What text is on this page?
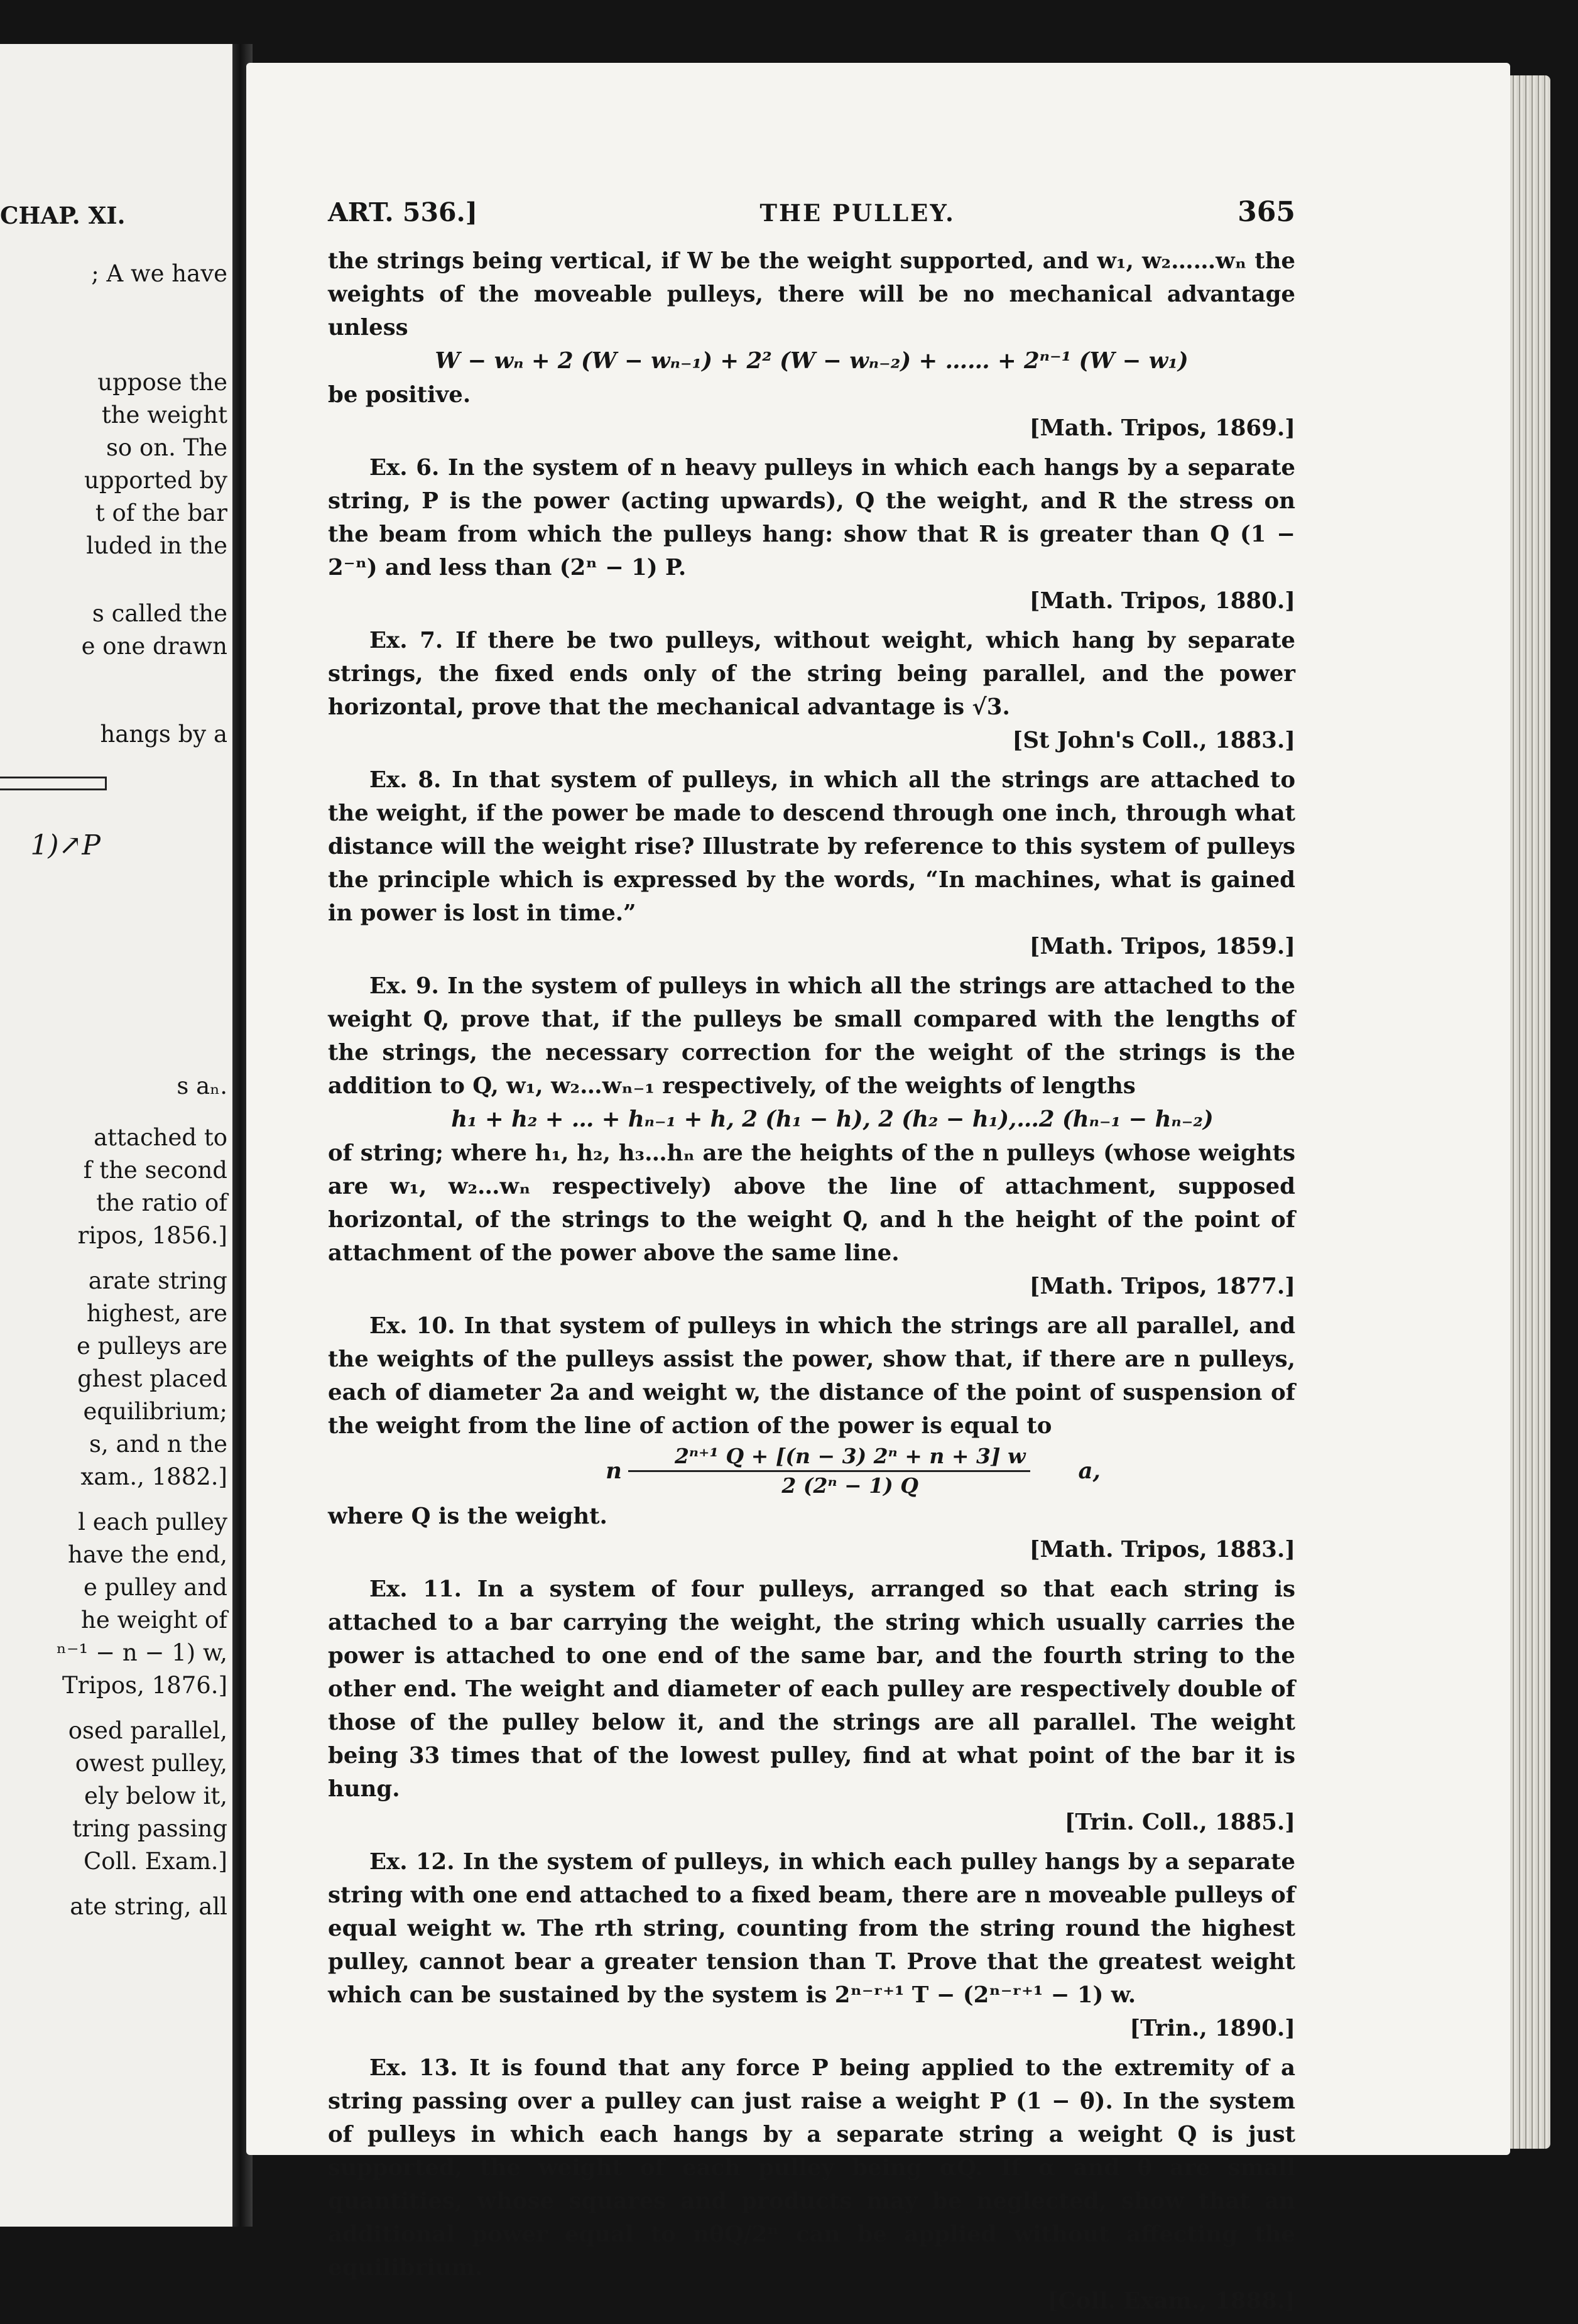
CHAP. XI.
; A we have
uppose the
the weight
so on. The
upported by
t of the bar
luded in the
s called the
e one drawn
hangs by a
1)↗P
s aₙ.
attached to
f the second
the ratio of
ripos, 1856.]
arate string
highest, are
e pulleys are
ghest placed
equilibrium;
s, and n the
xam., 1882.]
l each pulley
have the end,
e pulley and
he weight of
ⁿ⁻¹ − n − 1) w,
Tripos, 1876.]
osed parallel,
owest pulley,
ely below it,
tring passing
Coll. Exam.]
ate string, all
ART. 536.]	THE PULLEY.	365

the strings being vertical, if W be the weight supported, and w₁, w₂……wₙ the weights of the moveable pulleys, there will be no mechanical advantage unless
W − wₙ + 2 (W − wₙ₋₁) + 2² (W − wₙ₋₂) + …… + 2ⁿ⁻¹ (W − w₁)
be positive.
[Math. Tripos, 1869.]

Ex. 6. In the system of n heavy pulleys in which each hangs by a separate string, P is the power (acting upwards), Q the weight, and R the stress on the beam from which the pulleys hang: show that R is greater than Q (1 − 2⁻ⁿ) and less than (2ⁿ − 1) P.
[Math. Tripos, 1880.]

Ex. 7. If there be two pulleys, without weight, which hang by separate strings, the fixed ends only of the string being parallel, and the power horizontal, prove that the mechanical advantage is √3.
[St John's Coll., 1883.]

Ex. 8. In that system of pulleys, in which all the strings are attached to the weight, if the power be made to descend through one inch, through what distance will the weight rise? Illustrate by reference to this system of pulleys the principle which is expressed by the words, “In machines, what is gained in power is lost in time.”
[Math. Tripos, 1859.]

Ex. 9. In the system of pulleys in which all the strings are attached to the weight Q, prove that, if the pulleys be small compared with the lengths of the strings, the necessary correction for the weight of the strings is the addition to Q, w₁, w₂…wₙ₋₁ respectively, of the weights of lengths
h₁ + h₂ + … + hₙ₋₁ + h, 2 (h₁ − h), 2 (h₂ − h₁),…2 (hₙ₋₁ − hₙ₋₂)
of string; where h₁, h₂, h₃…hₙ are the heights of the n pulleys (whose weights are w₁, w₂…wₙ respectively) above the line of attachment, supposed horizontal, of the strings to the weight Q, and h the height of the point of attachment of the power above the same line.
[Math. Tripos, 1877.]

Ex. 10. In that system of pulleys in which the strings are all parallel, and the weights of the pulleys assist the power, show that, if there are n pulleys, each of diameter 2a and weight w, the distance of the point of suspension of the weight from the line of action of the power is equal to
n $\frac{\text{2ⁿ⁺¹ Q + [(n − 3) 2ⁿ + n + 3] w}}{\text{2 (2ⁿ − 1) Q}}$	a,
where Q is the weight.
[Math. Tripos, 1883.]

Ex. 11. In a system of four pulleys, arranged so that each string is attached to a bar carrying the weight, the string which usually carries the power is attached to one end of the same bar, and the fourth string to the other end. The weight and diameter of each pulley are respectively double of those of the pulley below it, and the strings are all parallel. The weight being 33 times that of the lowest pulley, find at what point of the bar it is hung.
[Trin. Coll., 1885.]

Ex. 12. In the system of pulleys, in which each pulley hangs by a separate string with one end attached to a fixed beam, there are n moveable pulleys of equal weight w. The rth string, counting from the string round the highest pulley, cannot bear a greater tension than T. Prove that the greatest weight which can be sustained by the system is 2ⁿ⁻ʳ⁺¹ T − (2ⁿ⁻ʳ⁺¹ − 1) w.
[Trin., 1890.]

Ex. 13. It is found that any force P being applied to the extremity of a string passing over a pulley can just raise a weight P (1 − θ). In the system of pulleys in which each hangs by a separate string a weight Q is just supported, the weight of each pulley being αQ. If α and θ are small quantities, whose squares and products may be neglected, show that an additional power equal to nθQ/2ⁿ can be applied without affecting the equilibrium.
[Coll. Exam., 1888.]
